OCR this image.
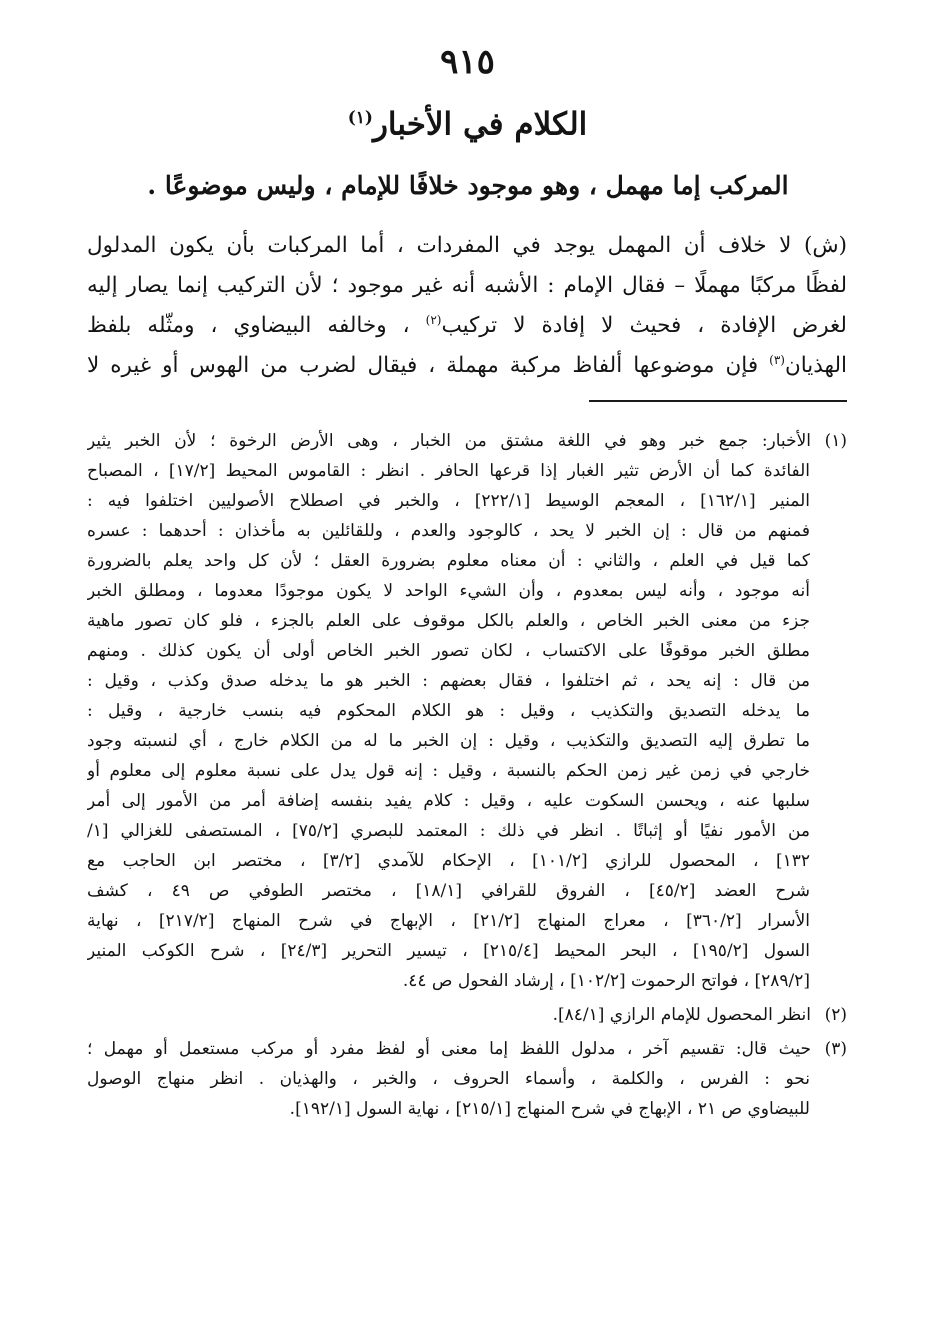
٩١٥
الكلام في الأخبار$^{(١)}$
المركب إما مهمل ، وهو موجود خلافًا للإمام ، وليس موضوعًا .
(ش) لا خلاف أن المهمل يوجد في المفردات ، أما المركبات بأن يكون المدلول
لفظًا مركبًا مهملًا – فقال الإمام : الأشبه أنه غير موجود ؛ لأن التركيب إنما يصار إليه
لغرض الإفادة ، فحيث لا إفادة لا تركيب$^{(٢)}$ ، وخالفه البيضاوي ، ومثّله بلفظ
الهذيان$^{(٣)}$ فإن موضوعها ألفاظ مركبة مهملة ، فيقال لضرب من الهوس أو غيره لا
(١)الأخبار: جمع خبر وهو في اللغة مشتق من الخبار ، وهى الأرض الرخوة ؛ لأن الخبر يثير
الفائدة كما أن الأرض تثير الغبار إذا قرعها الحافر . انظر : القاموس المحيط [١٧/٢] ، المصباح
المنير [١٦٢/١] ، المعجم الوسيط [٢٢٢/١] ، والخبر في اصطلاح الأصوليين اختلفوا فيه :
فمنهم من قال : إن الخبر لا يحد ، كالوجود والعدم ، وللقائلين به مأخذان : أحدهما : عسره
كما قيل في العلم ، والثاني : أن معناه معلوم بضرورة العقل ؛ لأن كل واحد يعلم بالضرورة
أنه موجود ، وأنه ليس بمعدوم ، وأن الشيء الواحد لا يكون موجودًا معدوما ، ومطلق الخبر
جزء من معنى الخبر الخاص ، والعلم بالكل موقوف على العلم بالجزء ، فلو كان تصور ماهية
مطلق الخبر موقوفًا على الاكتساب ، لكان تصور الخبر الخاص أولى أن يكون كذلك . ومنهم
من قال : إنه يحد ، ثم اختلفوا ، فقال بعضهم : الخبر هو ما يدخله صدق وكذب ، وقيل :
ما يدخله التصديق والتكذيب ، وقيل : هو الكلام المحكوم فيه بنسب خارجية ، وقيل :
ما تطرق إليه التصديق والتكذيب ، وقيل : إن الخبر ما له من الكلام خارج ، أي لنسبته وجود
خارجي في زمن غير زمن الحكم بالنسبة ، وقيل : إنه قول يدل على نسبة معلوم إلى معلوم أو
سلبها عنه ، ويحسن السكوت عليه ، وقيل : كلام يفيد بنفسه إضافة أمر من الأمور إلى أمر
من الأمور نفيًا أو إثباتًا . انظر في ذلك : المعتمد للبصري [٧٥/٢] ، المستصفى للغزالي [١/
١٣٢] ، المحصول للرازي [١٠١/٢] ، الإحكام للآمدي [٣/٢] ، مختصر ابن الحاجب مع
شرح العضد [٤٥/٢] ، الفروق للقرافي [١٨/١] ، مختصر الطوفي ص ٤٩ ، كشف
الأسرار [٣٦٠/٢] ، معراج المنهاج [٢١/٢] ، الإبهاج في شرح المنهاج [٢١٧/٢] ، نهاية
السول [١٩٥/٢] ، البحر المحيط [٢١٥/٤] ، تيسير التحرير [٢٤/٣] ، شرح الكوكب المنير
[٢٨٩/٢] ، فواتح الرحموت [١٠٢/٢] ، إرشاد الفحول ص ٤٤.
(٢)انظر المحصول للإمام الرازي [٨٤/١].
(٣)حيث قال: تقسيم آخر ، مدلول اللفظ إما معنى أو لفظ مفرد أو مركب مستعمل أو مهمل ؛
نحو : الفرس ، والكلمة ، وأسماء الحروف ، والخبر ، والهذيان . انظر منهاج الوصول
للبيضاوي ص ٢١ ، الإبهاج في شرح المنهاج [٢١٥/١] ، نهاية السول [١٩٢/١].
